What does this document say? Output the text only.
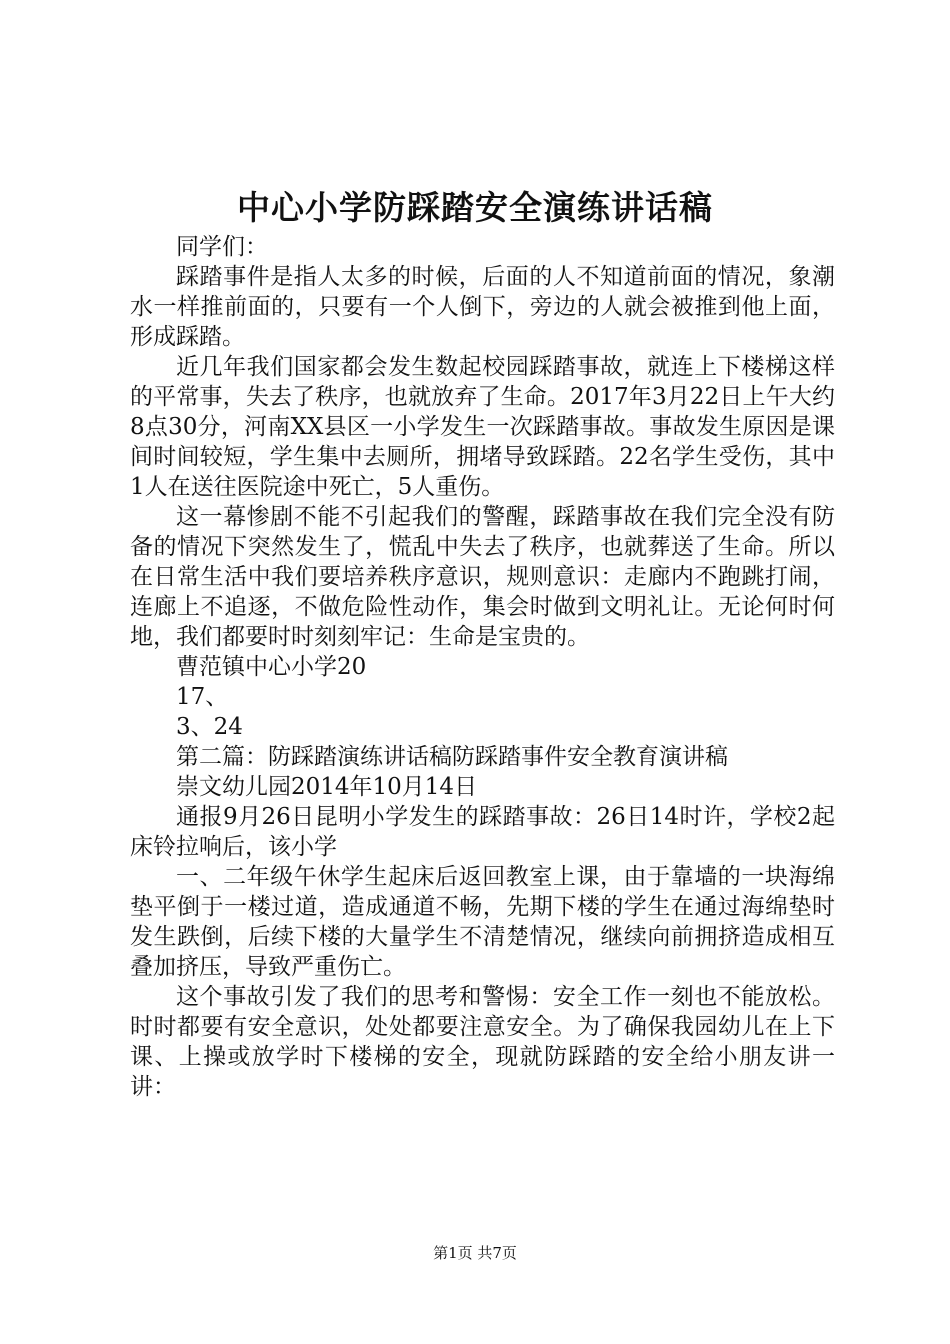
中心小学防踩踏安全演练讲话稿

同学们：

踩踏事件是指人太多的时候，后面的人不知道前面的情况，象潮水一样推前面的，只要有一个人倒下，旁边的人就会被推到他上面，形成踩踏。

近几年我们国家都会发生数起校园踩踏事故，就连上下楼梯这样的平常事，失去了秩序，也就放弃了生命。2017年3月22日上午大约8点30分，河南XX县区一小学发生一次踩踏事故。事故发生原因是课间时间较短，学生集中去厕所，拥堵导致踩踏。22名学生受伤，其中1人在送往医院途中死亡，5人重伤。

这一幕惨剧不能不引起我们的警醒，踩踏事故在我们完全没有防备的情况下突然发生了，慌乱中失去了秩序，也就葬送了生命。所以在日常生活中我们要培养秩序意识，规则意识：走廊内不跑跳打闹，连廊上不追逐，不做危险性动作，集会时做到文明礼让。无论何时何地，我们都要时时刻刻牢记：生命是宝贵的。

曹范镇中心小学20

17、

3、24

第二篇：防踩踏演练讲话稿防踩踏事件安全教育演讲稿

崇文幼儿园2014年10月14日

通报9月26日昆明小学发生的踩踏事故：26日14时许，学校2起床铃拉响后，该小学

一、二年级午休学生起床后返回教室上课，由于靠墙的一块海绵垫平倒于一楼过道，造成通道不畅，先期下楼的学生在通过海绵垫时发生跌倒，后续下楼的大量学生不清楚情况，继续向前拥挤造成相互叠加挤压，导致严重伤亡。

这个事故引发了我们的思考和警惕：安全工作一刻也不能放松。时时都要有安全意识，处处都要注意安全。为了确保我园幼儿在上下课、上操或放学时下楼梯的安全，现就防踩踏的安全给小朋友讲一讲：

第1页 共7页
